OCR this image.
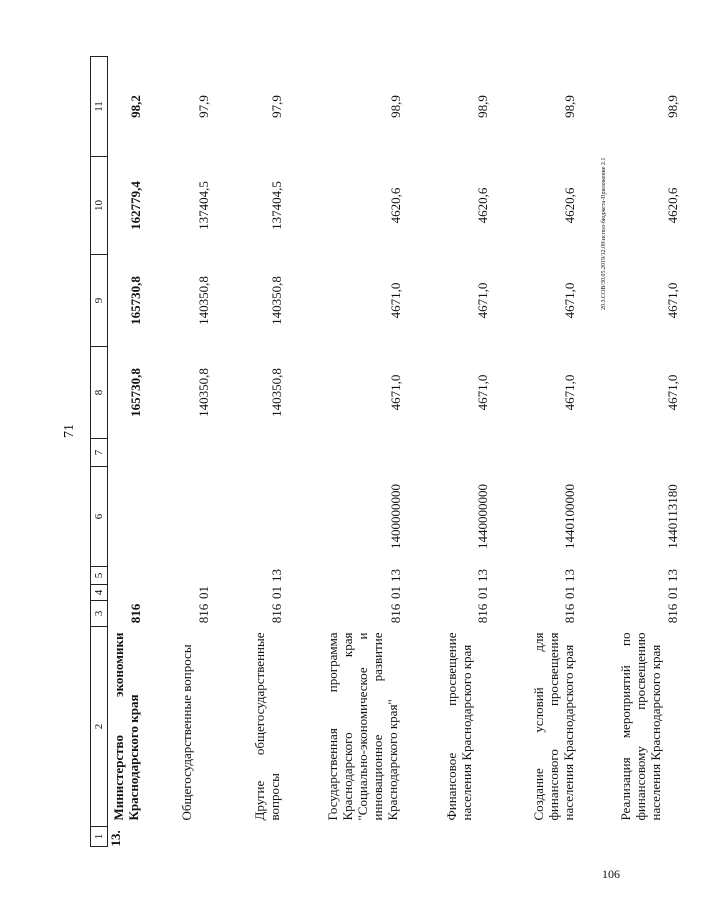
71
20.3.СОВ/30.05.2019/12.08\испол-бюджета-Приложение 2.1
106
1	2	3	4	5	6	7	8	9	10	11
13.	Министерство экономики Краснодарского края	816					165730,8	165730,8	162779,4	98,2
	Общегосударственные вопросы	816	01				140350,8	140350,8	137404,5	97,9
	Другие общегосударственные вопросы	816	01	13			140350,8	140350,8	137404,5	97,9
	Государственная программа Краснодарского края "Социально-экономическое и инновационное развитие Краснодарского края"	816	01	13	1400000000		4671,0	4671,0	4620,6	98,9
	Финансовое просвещение населения Краснодарского края	816	01	13	1440000000		4671,0	4671,0	4620,6	98,9
	Создание условий для финансового просвещения населения Краснодарского края	816	01	13	1440100000		4671,0	4671,0	4620,6	98,9
	Реализация мероприятий по финансовому просвещению населения Краснодарского края	816	01	13	1440113180		4671,0	4671,0	4620,6	98,9
